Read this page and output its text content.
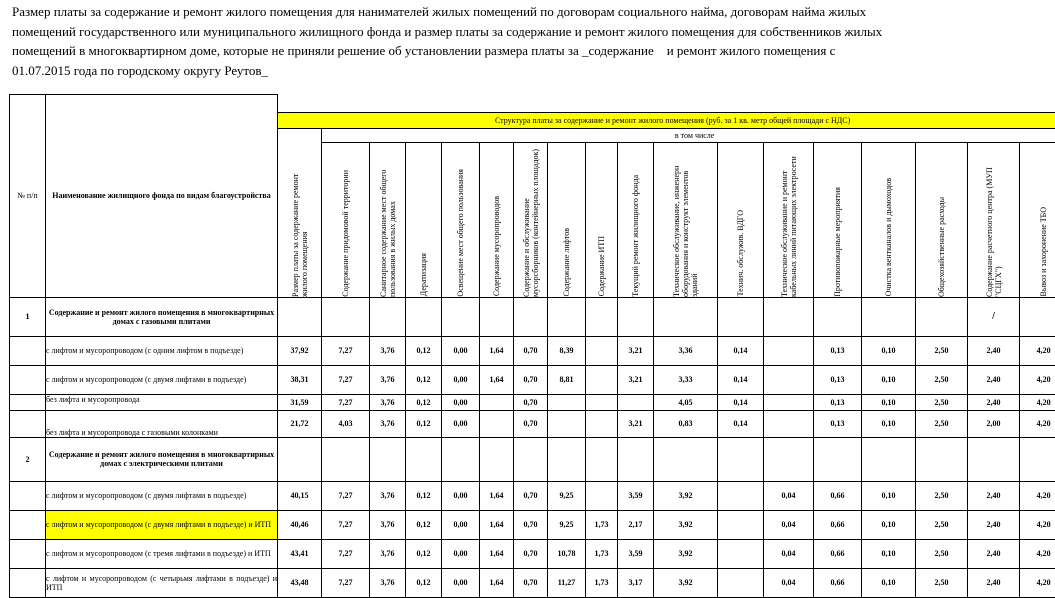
Размер платы за содержание и ремонт жилого помещения для нанимателей жилых помещений по договорам социального найма, договорам найма жилых помещений государственного или муниципального жилищного фонда и размер платы за содержание и ремонт жилого помещения для собственников жилых помещений в многоквартирном доме, которые не приняли решение об установлении размера платы за _содержание    и ремонт жилого помещения с 01.07.2015 года по городскому округу Реутов_
№ п/п	Наименование жилищного фонда по видам благоустройства																		
		Структура платы за содержание и ремонт жилого помещения (руб. за 1 кв. метр общей площади с НДС)																	

		Размер платы за содержание ремонт жилого помещения	в том числе																

			Содержание придомовой территории	Санитарное содержание мест общего пользования в жилых домах	Дератизация	Освещение мест общего пользования	Содержание мусоропроводов	Содержание и обслуживание мусорсборников (контейнерных площадок)	Содержание лифтов	Содержание ИТП	Текущий ремонт жилищного фонда	Техническое обслуживание, инженерн оборудования и конструкт элементов зданий	Технич. обслужив. ВДГО	Техническое обслуживание и ремонт кабельных линий питающих электросети	Противопожарные мероприятия	Очистка вентканалов и дымоходов	Общехозяйственные расходы	Содержание расчетного центра (МУП "СЦГХ")	Вывоз и захоронение ТБО

1	Содержание и ремонт жилого помещения в многоквартирных домах с газовыми плитами																	/	
	с лифтом и мусоропроводом (с одним лифтом в подъезде)	37,92	7,27	3,76	0,12	0,00	1,64	0,70	8,39		3,21	3,36	0,14		0,13	0,10	2,50	2,40	4,20
	с лифтом и мусоропроводом (с двумя лифтами в подъезде)	38,31	7,27	3,76	0,12	0,00	1,64	0,70	8,81		3,21	3,33	0,14		0,13	0,10	2,50	2,40	4,20
	без лифта и мусоропровода	31,59	7,27	3,76	0,12	0,00		0,70				4,05	0,14		0,13	0,10	2,50	2,40	4,20
	без лифта и мусоропровода с газовыми колонками	21,72	4,03	3,76	0,12	0,00		0,70			3,21	0,83	0,14		0,13	0,10	2,50	2,00	4,20
2	Содержание и ремонт жилого помещения в многоквартирных домах с электрическими плитами																		
	с лифтом и мусоропроводом (с двумя лифтами в подъезде)	40,15	7,27	3,76	0,12	0,00	1,64	0,70	9,25		3,59	3,92		0,04	0,66	0,10	2,50	2,40	4,20
	с лифтом и мусоропроводом (с двумя лифтами в подъезде) и ИТП	40,46	7,27	3,76	0,12	0,00	1,64	0,70	9,25	1,73	2,17	3,92		0,04	0,66	0,10	2,50	2,40	4,20
	с лифтом и мусоропроводом (с тремя лифтами в подъезде) и ИТП	43,41	7,27	3,76	0,12	0,00	1,64	0,70	10,78	1,73	3,59	3,92		0,04	0,66	0,10	2,50	2,40	4,20
	с лифтом и мусоропроводом (с четырьмя лифтами в подъезде) и ИТП	43,48	7,27	3,76	0,12	0,00	1,64	0,70	11,27	1,73	3,17	3,92		0,04	0,66	0,10	2,50	2,40	4,20
